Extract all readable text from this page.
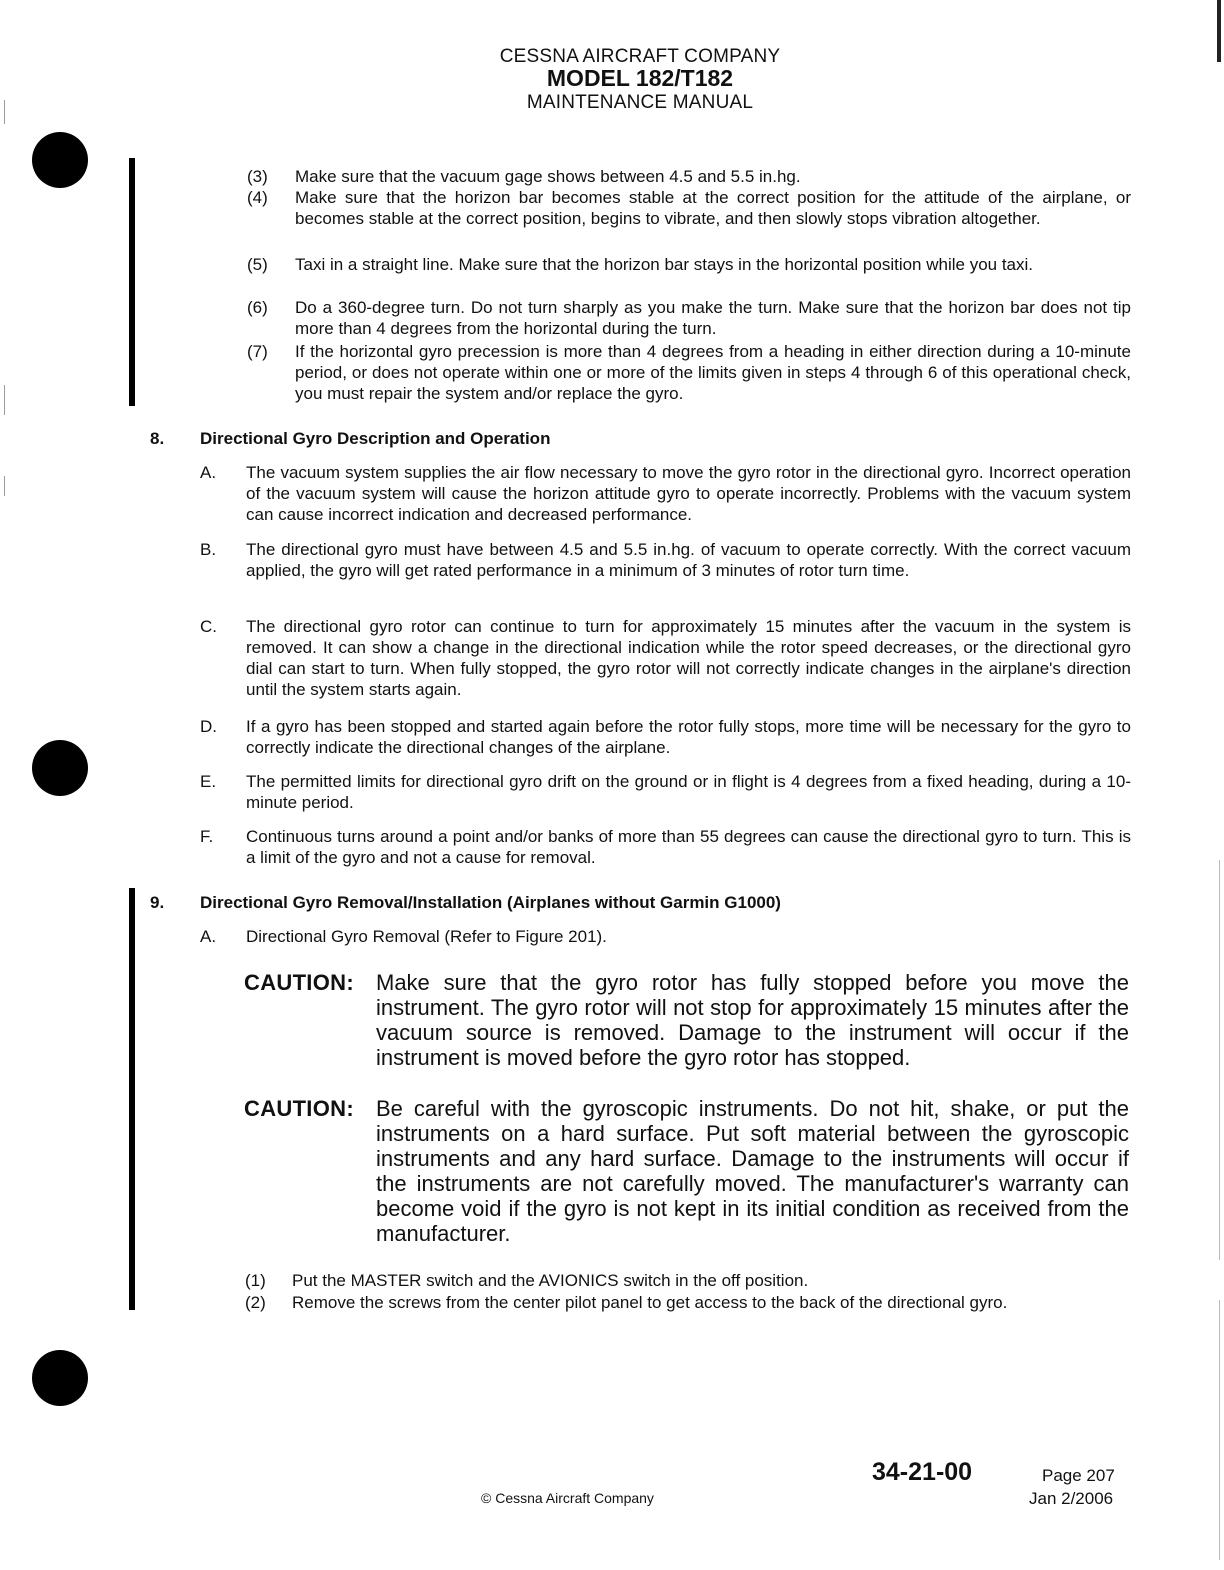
CESSNA AIRCRAFT COMPANY
MODEL 182/T182
MAINTENANCE MANUAL
(3) Make sure that the vacuum gage shows between 4.5 and 5.5 in.hg.
(4) Make sure that the horizon bar becomes stable at the correct position for the attitude of the airplane, or becomes stable at the correct position, begins to vibrate, and then slowly stops vibration altogether.
(5) Taxi in a straight line. Make sure that the horizon bar stays in the horizontal position while you taxi.
(6) Do a 360-degree turn. Do not turn sharply as you make the turn. Make sure that the horizon bar does not tip more than 4 degrees from the horizontal during the turn.
(7) If the horizontal gyro precession is more than 4 degrees from a heading in either direction during a 10-minute period, or does not operate within one or more of the limits given in steps 4 through 6 of this operational check, you must repair the system and/or replace the gyro.
8. Directional Gyro Description and Operation
A. The vacuum system supplies the air flow necessary to move the gyro rotor in the directional gyro. Incorrect operation of the vacuum system will cause the horizon attitude gyro to operate incorrectly. Problems with the vacuum system can cause incorrect indication and decreased performance.
B. The directional gyro must have between 4.5 and 5.5 in.hg. of vacuum to operate correctly. With the correct vacuum applied, the gyro will get rated performance in a minimum of 3 minutes of rotor turn time.
C. The directional gyro rotor can continue to turn for approximately 15 minutes after the vacuum in the system is removed. It can show a change in the directional indication while the rotor speed decreases, or the directional gyro dial can start to turn. When fully stopped, the gyro rotor will not correctly indicate changes in the airplane's direction until the system starts again.
D. If a gyro has been stopped and started again before the rotor fully stops, more time will be necessary for the gyro to correctly indicate the directional changes of the airplane.
E. The permitted limits for directional gyro drift on the ground or in flight is 4 degrees from a fixed heading, during a 10-minute period.
F. Continuous turns around a point and/or banks of more than 55 degrees can cause the directional gyro to turn. This is a limit of the gyro and not a cause for removal.
9. Directional Gyro Removal/Installation (Airplanes without Garmin G1000)
A. Directional Gyro Removal (Refer to Figure 201).
CAUTION: Make sure that the gyro rotor has fully stopped before you move the instrument. The gyro rotor will not stop for approximately 15 minutes after the vacuum source is removed. Damage to the instrument will occur if the instrument is moved before the gyro rotor has stopped.
CAUTION: Be careful with the gyroscopic instruments. Do not hit, shake, or put the instruments on a hard surface. Put soft material between the gyroscopic instruments and any hard surface. Damage to the instruments will occur if the instruments are not carefully moved. The manufacturer's warranty can become void if the gyro is not kept in its initial condition as received from the manufacturer.
(1) Put the MASTER switch and the AVIONICS switch in the off position.
(2) Remove the screws from the center pilot panel to get access to the back of the directional gyro.
© Cessna Aircraft Company
34-21-00	Page 207
Jan 2/2006
